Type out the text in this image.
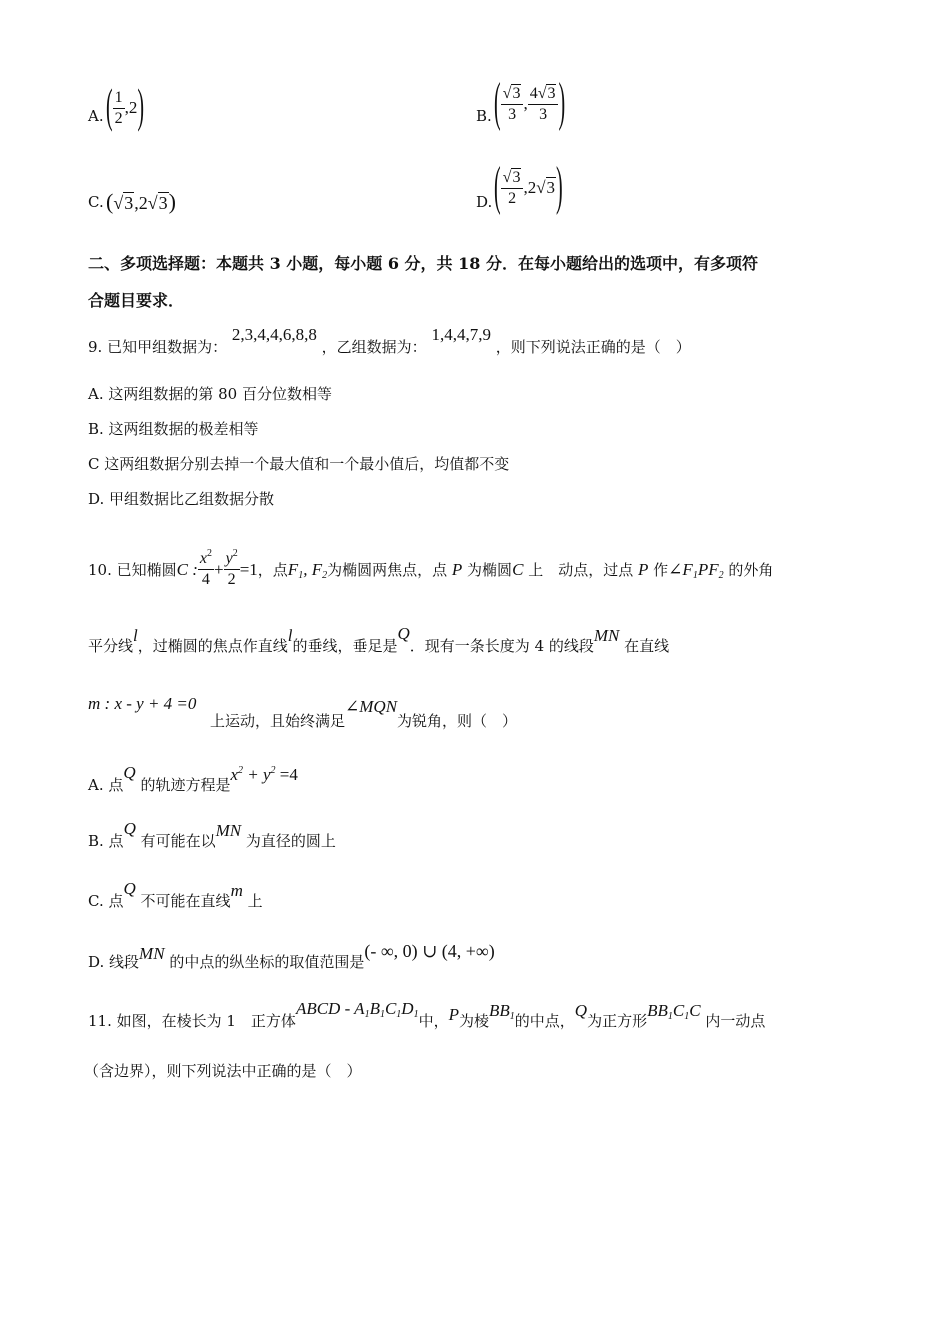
A. ( $\frac{1}{2} ,2$)	B. ( $\frac{√3}{3}$ , $\frac{4√3}{3}$ )
C. (√3,2√3)	D. ( $\frac{√3}{2} ,2√3$)
二、多项选择题：本题共 3 小题，每小题 6 分，共 18 分．在每小题给出的选项中，有多项符
合题目要求．
9. 已知甲组数据为： 2,3,4,4,6,8,8 ，乙组数据为： 1,4,4,7,9 ，则下列说法正确的是（　）
A. 这两组数据的第 80 百分位数相等
B. 这两组数据的极差相等
C 这两组数据分别去掉一个最大值和一个最小值后，均值都不变
D. 甲组数据比乙组数据分散
10. 已知椭圆C : $\frac{x^2}{4} + \frac{y^2}{2} =1$，点$F_1$, $F_2$为椭圆两焦点，点 P 为椭圆C 上　动点，过点 P 作$\angle F_1PF_2$ 的外角
平分线l，过椭圆的焦点作直线l的垂线，垂足是Q．现有一条长度为 4 的线段MN 在直线
m : x - y + 4 =0
上运动，且始终满足∠MQN为锐角，则（　）
A. 点Q 的轨迹方程是$x^2 + y^2 =4$
B. 点Q 有可能在以MN 为直径的圆上
C. 点Q 不可能在直线m 上
D. 线段MN 的中点的纵坐标的取值范围是(- ∞, 0) ∪ (4, +∞)
11. 如图，在棱长为 1　正方体ABCD - $A_1B_1C_1D_1$中，P为棱$BB_1$的中点，Q为正方形$BB_1C_1C$ 内一动点
（含边界），则下列说法中正确的是（　）
